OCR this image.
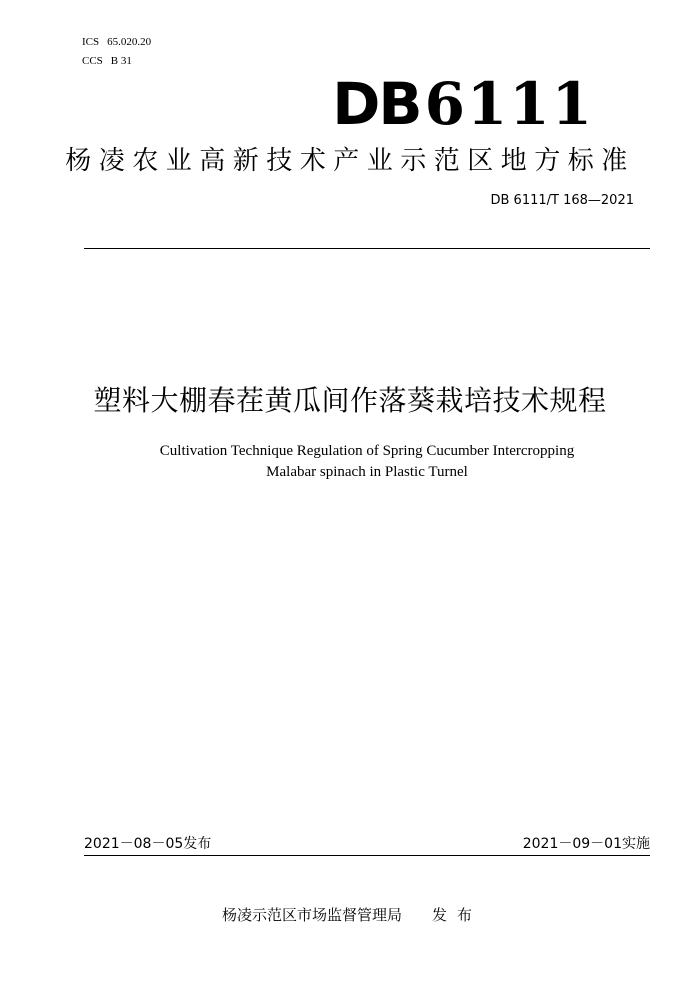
ICS 65.020.20
CCS B 31
DB6111
杨凌农业高新技术产业示范区地方标准
DB 6111/T 168—2021
塑料大棚春茬黄瓜间作落葵栽培技术规程
Cultivation Technique Regulation of Spring Cucumber Intercropping
Malabar spinach in Plastic Turnel
2021－08－05发布	2021－09－01实施
杨凌示范区市场监督管理局 发布
